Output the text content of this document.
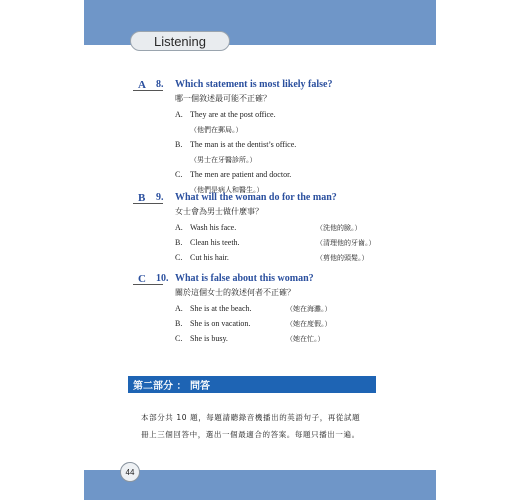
Listening
A 8. Which statement is most likely false?
哪一個敘述最可能不正確？
A. They are at the post office.
（他們在郵局。）
B. The man is at the dentist’s office.
（男士在牙醫診所。）
C. The men are patient and doctor.
（他們是病人和醫生。）
B 9. What will the woman do for the man?
女士會為男士做什麼事？
A. Wash his face.	（洗他的臉。）
B. Clean his teeth.	（清理他的牙齒。）
C. Cut his hair.	（剪他的頭髮。）
C 10. What is false about this woman?
關於這個女士的敘述何者不正確？
A. She is at the beach.	（她在海灘。）
B. She is on vacation.	（她在度假。）
C. She is busy.	（她在忙。）
第二部分 ： 問答
本部分共 10 題，每題請聽錄音機播出的英語句子，再從試題
冊上三個回答中，選出一個最適合的答案。每題只播出一遍。
44
